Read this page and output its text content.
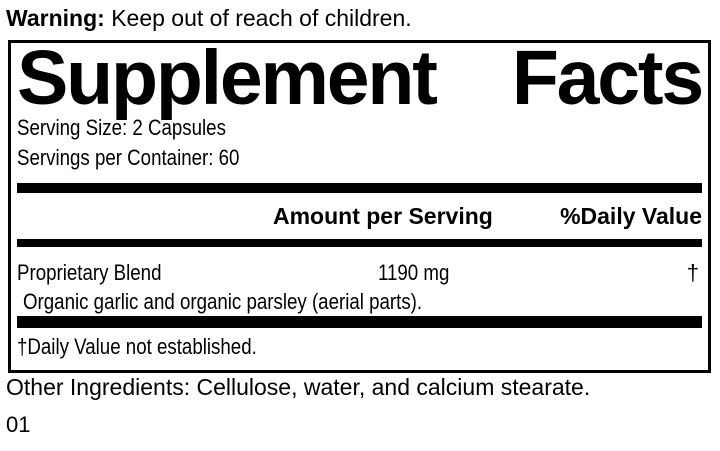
Warning: Keep out of reach of children.
Supplement Facts
Serving Size: 2 Capsules
Servings per Container: 60
Amount per Serving	%Daily Value
Proprietary Blend	1190 mg	†
Organic garlic and organic parsley (aerial parts).
†Daily Value not established.
Other Ingredients: Cellulose, water, and calcium stearate.
01
